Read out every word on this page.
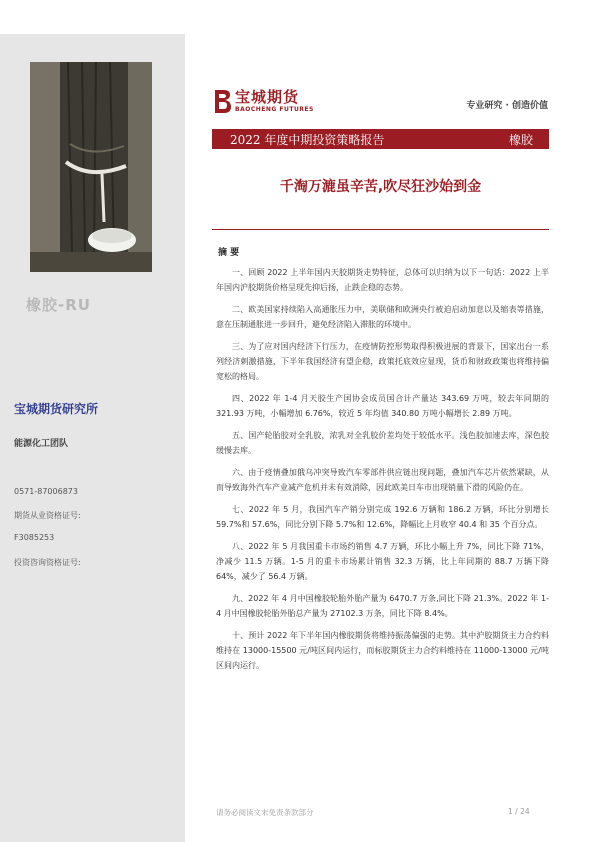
橡胶-RU
宝城期货研究所
能源化工团队
0571-87006873
期货从业资格证号:
F3085253
投资咨询资格证号:
宝城期货
BAOCHENG FUTURES	专业研究 · 创造价值
2022 年度中期投资策略报告	橡胶
千淘万漉虽辛苦,吹尽狂沙始到金
摘 要

一、回顾 2022 上半年国内天胶期货走势特征，总体可以归纳为以下一句话：2022 上半年国内沪胶期货价格呈现先抑后扬，止跌企稳的态势。

二、欧美国家持续陷入高通胀压力中，美联储和欧洲央行被迫启动加息以及缩表等措施，意在压制通胀进一步回升，避免经济陷入滞胀的环境中。

三、为了应对国内经济下行压力，在疫情防控形势取得积极进展的背景下，国家出台一系列经济刺激措施，下半年我国经济有望企稳，政策托底效应显现，货币和财政政策也将维持偏宽松的格局。

四、2022 年 1-4 月天胶生产国协会成员国合计产量达 343.69 万吨，较去年同期的 321.93 万吨，小幅增加 6.76%，较近 5 年均值 340.80 万吨小幅增长 2.89 万吨。

五、国产轮胎胶对全乳胶，浓乳对全乳胶价差均处于较低水平。浅色胶加速去库，深色胶缓慢去库。

六、由于疫情叠加俄乌冲突导致汽车零部件供应链出现问题，叠加汽车芯片依然紧缺，从而导致海外汽车产业减产危机并未有效消除，因此欧美日车市出现销量下滑的风险仍在。

七、2022 年 5 月，我国汽车产销分别完成 192.6 万辆和 186.2 万辆，环比分别增长 59.7%和 57.6%，同比分别下降 5.7%和 12.6%，降幅比上月收窄 40.4 和 35 个百分点。

八、2022 年 5 月我国重卡市场约销售 4.7 万辆，环比小幅上升 7%，同比下降 71%，净减少 11.5 万辆。1-5 月的重卡市场累计销售 32.3 万辆，比上年同期的 88.7 万辆下降 64%，减少了 56.4 万辆。

九、2022 年 4 月中国橡胶轮胎外胎产量为 6470.7 万条,同比下降 21.3%。2022 年 1-4 月中国橡胶轮胎外胎总产量为 27102.3 万条，同比下降 8.4%。

十、预计 2022 年下半年国内橡胶期货将维持振荡偏强的走势。其中沪胶期货主力合约料维持在 13000-15500 元/吨区间内运行，而标胶期货主力合约料维持在 11000-13000 元/吨区间内运行。

请务必阅读文末免责条款部分	1 / 24
